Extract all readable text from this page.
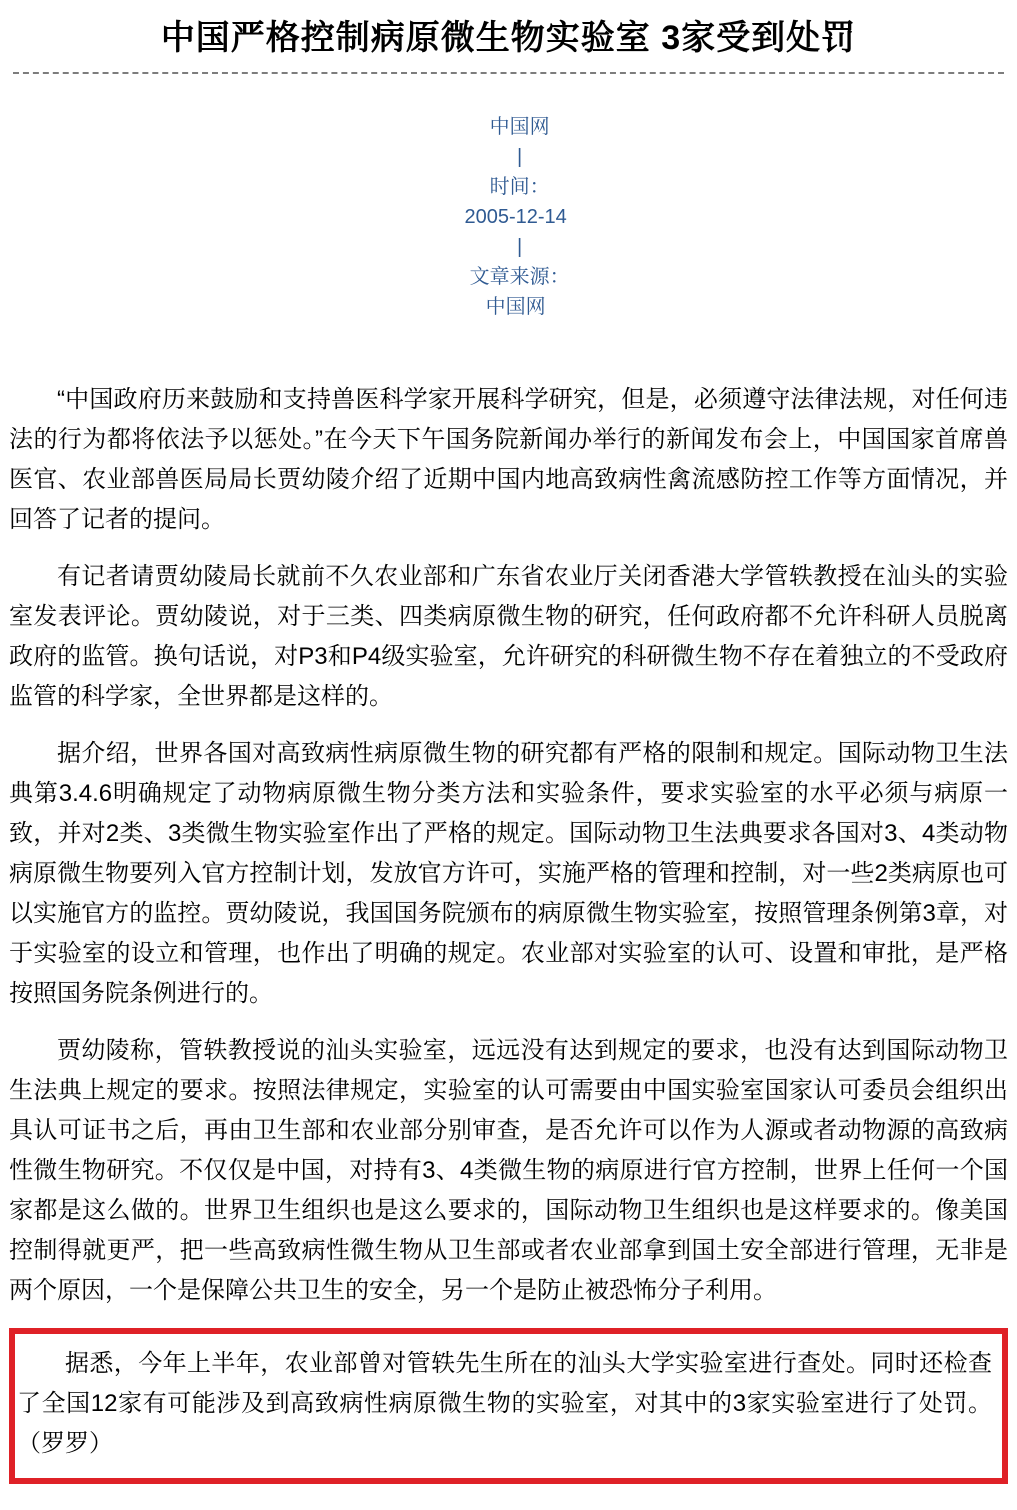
中国严格控制病原微生物实验室 3家受到处罚

中国网
|
时间：
2005-12-14
|
文章来源：
中国网

“中国政府历来鼓励和支持兽医科学家开展科学研究，但是，必须遵守法律法规，对任何违法的行为都将依法予以惩处。”在今天下午国务院新闻办举行的新闻发布会上，中国国家首席兽医官、农业部兽医局局长贾幼陵介绍了近期中国内地高致病性禽流感防控工作等方面情况，并回答了记者的提问。

有记者请贾幼陵局长就前不久农业部和广东省农业厅关闭香港大学管轶教授在汕头的实验室发表评论。贾幼陵说，对于三类、四类病原微生物的研究，任何政府都不允许科研人员脱离政府的监管。换句话说，对P3和P4级实验室，允许研究的科研微生物不存在着独立的不受政府监管的科学家，全世界都是这样的。

据介绍，世界各国对高致病性病原微生物的研究都有严格的限制和规定。国际动物卫生法典第3.4.6明确规定了动物病原微生物分类方法和实验条件，要求实验室的水平必须与病原一致，并对2类、3类微生物实验室作出了严格的规定。国际动物卫生法典要求各国对3、4类动物病原微生物要列入官方控制计划，发放官方许可，实施严格的管理和控制，对一些2类病原也可以实施官方的监控。贾幼陵说，我国国务院颁布的病原微生物实验室，按照管理条例第3章，对于实验室的设立和管理，也作出了明确的规定。农业部对实验室的认可、设置和审批，是严格按照国务院条例进行的。

贾幼陵称，管轶教授说的汕头实验室，远远没有达到规定的要求，也没有达到国际动物卫生法典上规定的要求。按照法律规定，实验室的认可需要由中国实验室国家认可委员会组织出具认可证书之后，再由卫生部和农业部分别审查，是否允许可以作为人源或者动物源的高致病性微生物研究。不仅仅是中国，对持有3、4类微生物的病原进行官方控制，世界上任何一个国家都是这么做的。世界卫生组织也是这么要求的，国际动物卫生组织也是这样要求的。像美国控制得就更严，把一些高致病性微生物从卫生部或者农业部拿到国土安全部进行管理，无非是两个原因，一个是保障公共卫生的安全，另一个是防止被恐怖分子利用。

据悉，今年上半年，农业部曾对管轶先生所在的汕头大学实验室进行查处。同时还检查了全国12家有可能涉及到高致病性病原微生物的实验室，对其中的3家实验室进行了处罚。（罗罗）
